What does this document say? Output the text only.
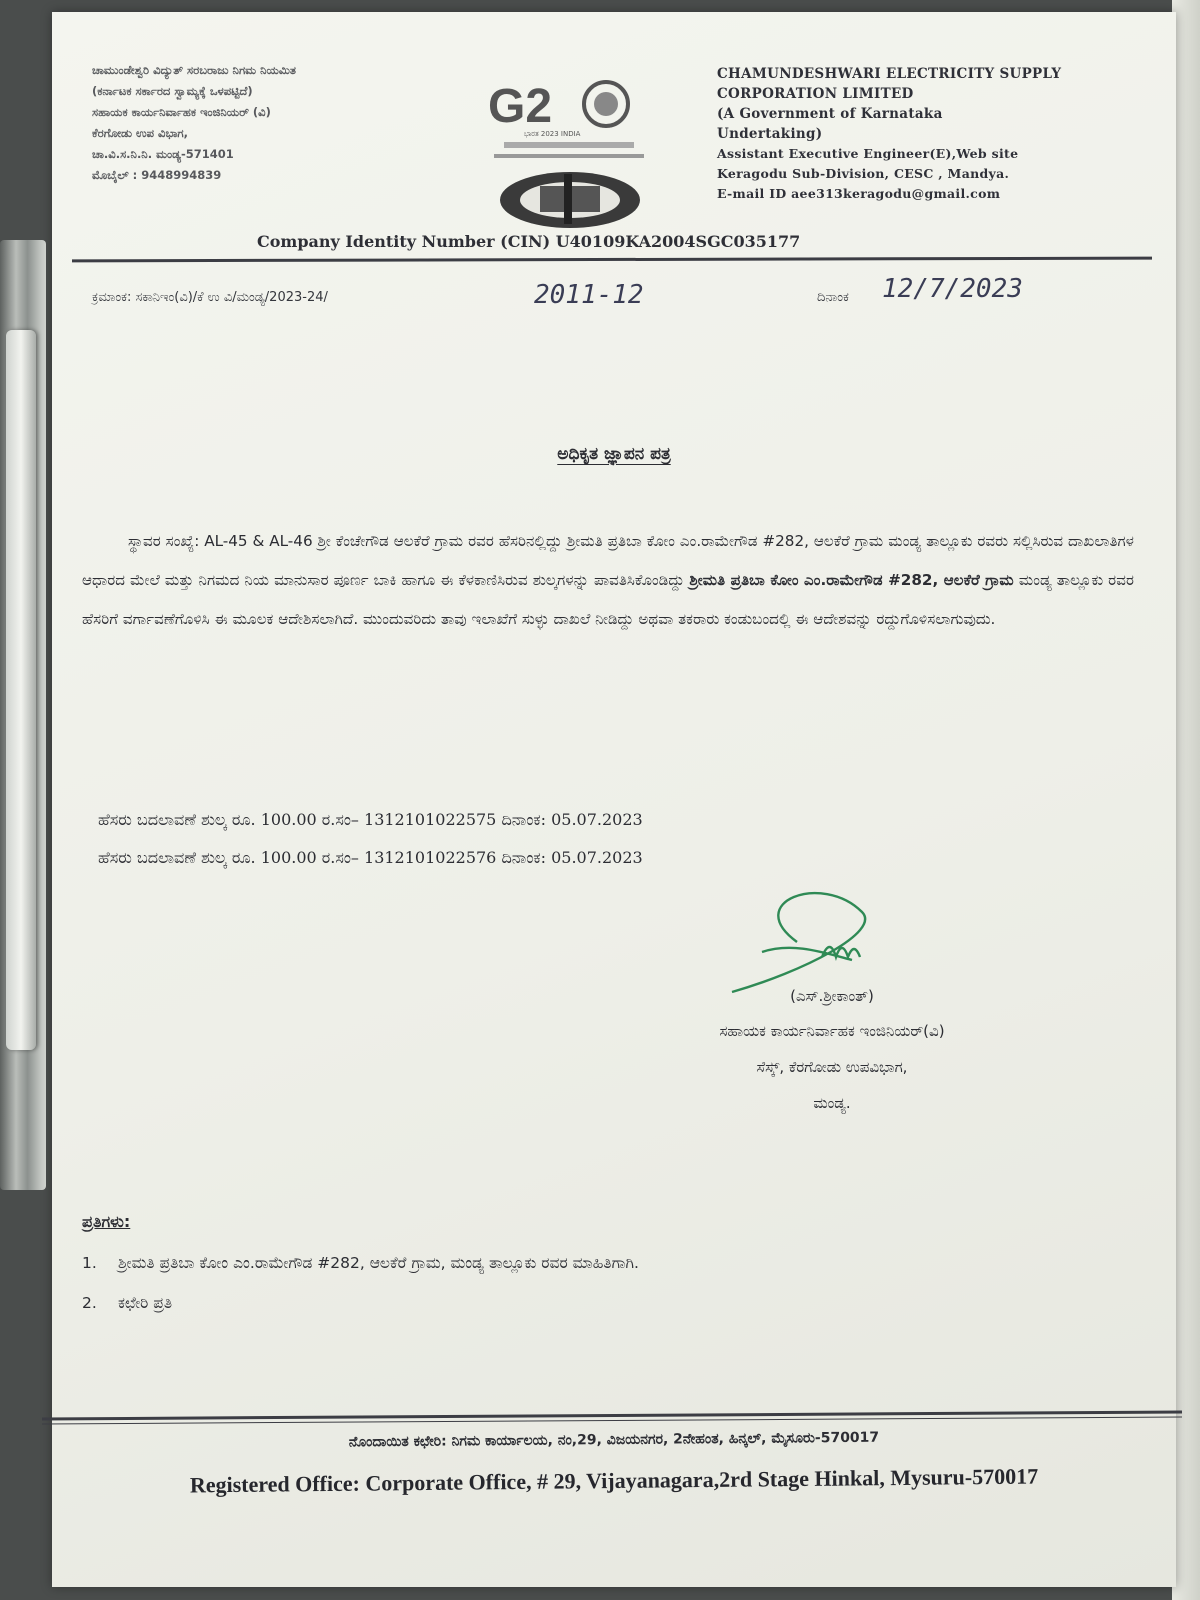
ಚಾಮುಂಡೇಶ್ವರಿ ವಿದ್ಯುತ್ ಸರಬರಾಜು ನಿಗಮ ನಿಯಮಿತ
(ಕರ್ನಾಟಕ ಸರ್ಕಾರದ ಸ್ವಾಮ್ಯಕ್ಕೆ ಒಳಪಟ್ಟಿದೆ)
ಸಹಾಯಕ ಕಾರ್ಯನಿರ್ವಾಹಕ ಇಂಜಿನಿಯರ್ (ವಿ)
ಕೆರಗೋಡು ಉಪ ವಿಭಾಗ,
ಚಾ.ವಿ.ಸ.ನಿ.ನಿ. ಮಂಡ್ಯ-571401
ಮೊಬೈಲ್ : 9448994839
G2
ಭಾರತ 2023 INDIA
CHAMUNDESHWARI ELECTRICITY SUPPLY
CORPORATION LIMITED
(A Government of Karnataka
Undertaking)
Assistant Executive Engineer(E),Web site
Keragodu Sub-Division, CESC , Mandya.
E-mail ID aee313keragodu@gmail.com
Company Identity Number (CIN) U40109KA2004SGC035177
ಕ್ರಮಾಂಕ: ಸಕಾನಿಇಂ(ವಿ)/ಕೆ ಉ ವಿ/ಮಂಡ್ಯ/2023-24/	2011-12	ದಿನಾಂಕ 12/7/2023
ಅಧಿಕೃತ ಜ್ಞಾಪನ ಪತ್ರ
ಸ್ಥಾವರ ಸಂಖ್ಯೆ: AL-45 & AL-46 ಶ್ರೀ ಕೆಂಚೇಗೌಡ ಆಲಕೆರೆ ಗ್ರಾಮ ರವರ ಹೆಸರಿನಲ್ಲಿದ್ದು ಶ್ರೀಮತಿ ಪ್ರತಿಬಾ ಕೋಂ ಎಂ.ರಾಮೇಗೌಡ #282, ಆಲಕೆರೆ ಗ್ರಾಮ ಮಂಡ್ಯ ತಾಲ್ಲೂಕು ರವರು ಸಲ್ಲಿಸಿರುವ ದಾಖಲಾತಿಗಳ ಆಧಾರದ ಮೇಲೆ ಮತ್ತು ನಿಗಮದ ನಿಯ ಮಾನುಸಾರ ಪೂರ್ಣ ಬಾಕಿ ಹಾಗೂ ಈ ಕೆಳಕಾಣಿಸಿರುವ ಶುಲ್ಕಗಳನ್ನು ಪಾವತಿಸಿಕೊಂಡಿದ್ದು ಶ್ರೀಮತಿ ಪ್ರತಿಬಾ ಕೋಂ ಎಂ.ರಾಮೇಗೌಡ #282, ಆಲಕೆರೆ ಗ್ರಾಮ ಮಂಡ್ಯ ತಾಲ್ಲೂಕು ರವರ ಹೆಸರಿಗೆ ವರ್ಗಾವಣೆಗೊಳಿಸಿ ಈ ಮೂಲಕ ಆದೇಶಿಸಲಾಗಿದೆ. ಮುಂದುವರಿದು ತಾವು ಇಲಾಖೆಗೆ ಸುಳ್ಳು ದಾಖಲೆ ನೀಡಿದ್ದು ಅಥವಾ ತಕರಾರು ಕಂಡುಬಂದಲ್ಲಿ ಈ ಆದೇಶವನ್ನು ರದ್ದುಗೊಳಿಸಲಾಗುವುದು.
ಹೆಸರು ಬದಲಾವಣೆ ಶುಲ್ಕ ರೂ. 100.00 ರ.ಸಂ– 1312101022575 ದಿನಾಂಕ: 05.07.2023
ಹೆಸರು ಬದಲಾವಣೆ ಶುಲ್ಕ ರೂ. 100.00 ರ.ಸಂ– 1312101022576 ದಿನಾಂಕ: 05.07.2023
(ಎಸ್.ಶ್ರೀಕಾಂತ್)
ಸಹಾಯಕ ಕಾರ್ಯನಿರ್ವಾಹಕ ಇಂಜಿನಿಯರ್(ವಿ)
ಸೆಸ್ಕ್, ಕೆರಗೋಡು ಉಪವಿಭಾಗ,
ಮಂಡ್ಯ.
ಪ್ರತಿಗಳು:
1. ಶ್ರೀಮತಿ ಪ್ರತಿಬಾ ಕೋಂ ಎಂ.ರಾಮೇಗೌಡ #282, ಆಲಕೆರೆ ಗ್ರಾಮ, ಮಂಡ್ಯ ತಾಲ್ಲೂಕು ರವರ ಮಾಹಿತಿಗಾಗಿ.
2. ಕಛೇರಿ ಪ್ರತಿ
ನೊಂದಾಯಿತ ಕಛೇರಿ: ನಿಗಮ ಕಾರ್ಯಾಲಯ, ನಂ,29, ವಿಜಯನಗರ, 2ನೇಹಂತ, ಹಿನ್ಕಲ್, ಮೈಸೂರು-570017
Registered Office: Corporate Office, # 29, Vijayanagara,2rd Stage Hinkal, Mysuru-570017
